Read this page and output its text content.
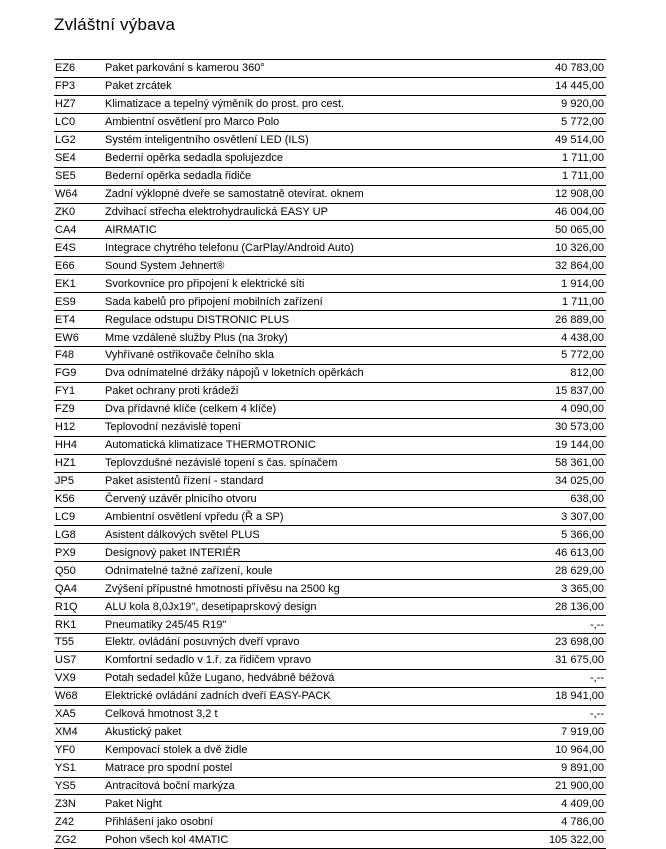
Zvláštní výbava
EZ6	Paket parkování s kamerou 360°	40 783,00
FP3	Paket zrcátek	14 445,00
HZ7	Klimatizace a tepelný výměník do prost. pro cest.	9 920,00
LC0	Ambientní osvětlení pro Marco Polo	5 772,00
LG2	Systém inteligentního osvětlení LED (ILS)	49 514,00
SE4	Bederní opěrka sedadla spolujezdce	1 711,00
SE5	Bederní opěrka sedadla řidiče	1 711,00
W64	Zadní výklopné dveře se samostatně otevírat. oknem	12 908,00
ZK0	Zdvihací střecha elektrohydraulická EASY UP	46 004,00
CA4	AIRMATIC	50 065,00
E4S	Integrace chytrého telefonu (CarPlay/Android Auto)	10 326,00
E66	Sound System Jehnert®	32 864,00
EK1	Svorkovnice pro připojení k elektrické síti	1 914,00
ES9	Sada kabelů pro připojení mobilních zařízení	1 711,00
ET4	Regulace odstupu DISTRONIC PLUS	26 889,00
EW6	Mme vzdálené služby Plus (na 3roky)	4 438,00
F48	Vyhřívané ostřikovače čelního skla	5 772,00
FG9	Dva odnímatelné držáky nápojů v loketních opěrkách	812,00
FY1	Paket ochrany proti krádeži	15 837,00
FZ9	Dva přídavné klíče (celkem 4 klíče)	4 090,00
H12	Teplovodní nezávislé topení	30 573,00
HH4	Automatická klimatizace THERMOTRONIC	19 144,00
HZ1	Teplovzdušné nezávislé topení s čas. spínačem	58 361,00
JP5	Paket asistentů řízení - standard	34 025,00
K56	Červený uzávěr plnicího otvoru	638,00
LC9	Ambientní osvětlení vpředu (Ř a SP)	3 307,00
LG8	Asistent dálkových světel PLUS	5 366,00
PX9	Designový paket INTERIÉR	46 613,00
Q50	Odnímatelné tažné zařízení, koule	28 629,00
QA4	Zvýšení přípustné hmotnosti přívěsu na 2500 kg	3 365,00
R1Q	ALU kola 8,0Jx19'', desetipaprskový design	28 136,00
RK1	Pneumatiky 245/45 R19"	-,--
T55	Elektr. ovládání posuvných dveří vpravo	23 698,00
US7	Komfortní sedadlo v 1.ř. za řidičem vpravo	31 675,00
VX9	Potah sedadel kůže Lugano, hedvábně béžová	-,--
W68	Elektrické ovládání zadních dveří EASY-PACK	18 941,00
XA5	Celková hmotnost 3,2 t	-,--
XM4	Akustický paket	7 919,00
YF0	Kempovací stolek a dvě židle	10 964,00
YS1	Matrace pro spodní postel	9 891,00
YS5	Antracitová boční markýza	21 900,00
Z3N	Paket Night	4 409,00
Z42	Přihlášení jako osobní	4 786,00
ZG2	Pohon všech kol 4MATIC	105 322,00
